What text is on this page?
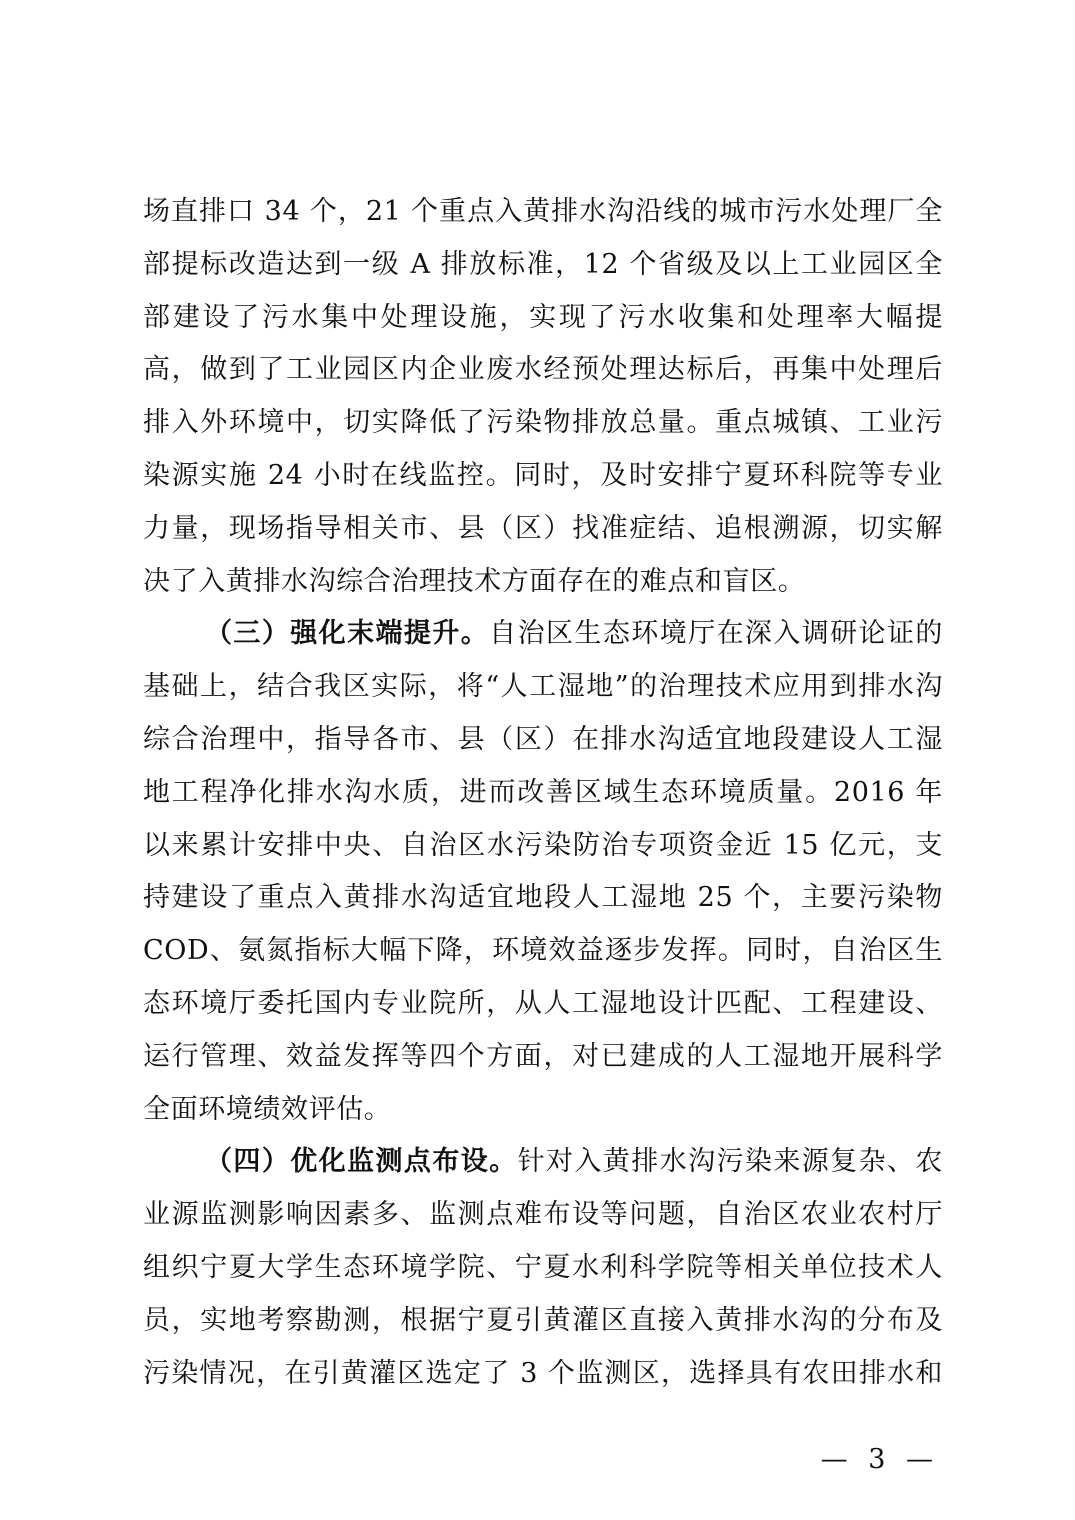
场直排口 34 个，21 个重点入黄排水沟沿线的城市污水处理厂全
部提标改造达到一级 A 排放标准，12 个省级及以上工业园区全
部建设了污水集中处理设施，实现了污水收集和处理率大幅提
高，做到了工业园区内企业废水经预处理达标后，再集中处理后
排入外环境中，切实降低了污染物排放总量。重点城镇、工业污
染源实施 24 小时在线监控。同时，及时安排宁夏环科院等专业
力量，现场指导相关市、县（区）找准症结、追根溯源，切实解
决了入黄排水沟综合治理技术方面存在的难点和盲区。
（三）强化末端提升。自治区生态环境厅在深入调研论证的
基础上，结合我区实际，将“人工湿地”的治理技术应用到排水沟
综合治理中，指导各市、县（区）在排水沟适宜地段建设人工湿
地工程净化排水沟水质，进而改善区域生态环境质量。2016 年
以来累计安排中央、自治区水污染防治专项资金近 15 亿元，支
持建设了重点入黄排水沟适宜地段人工湿地 25 个，主要污染物
COD、氨氮指标大幅下降，环境效益逐步发挥。同时，自治区生
态环境厅委托国内专业院所，从人工湿地设计匹配、工程建设、
运行管理、效益发挥等四个方面，对已建成的人工湿地开展科学
全面环境绩效评估。
（四）优化监测点布设。针对入黄排水沟污染来源复杂、农
业源监测影响因素多、监测点难布设等问题，自治区农业农村厅
组织宁夏大学生态环境学院、宁夏水利科学院等相关单位技术人
员，实地考察勘测，根据宁夏引黄灌区直接入黄排水沟的分布及
污染情况，在引黄灌区选定了 3 个监测区，选择具有农田排水和
— 3 —
